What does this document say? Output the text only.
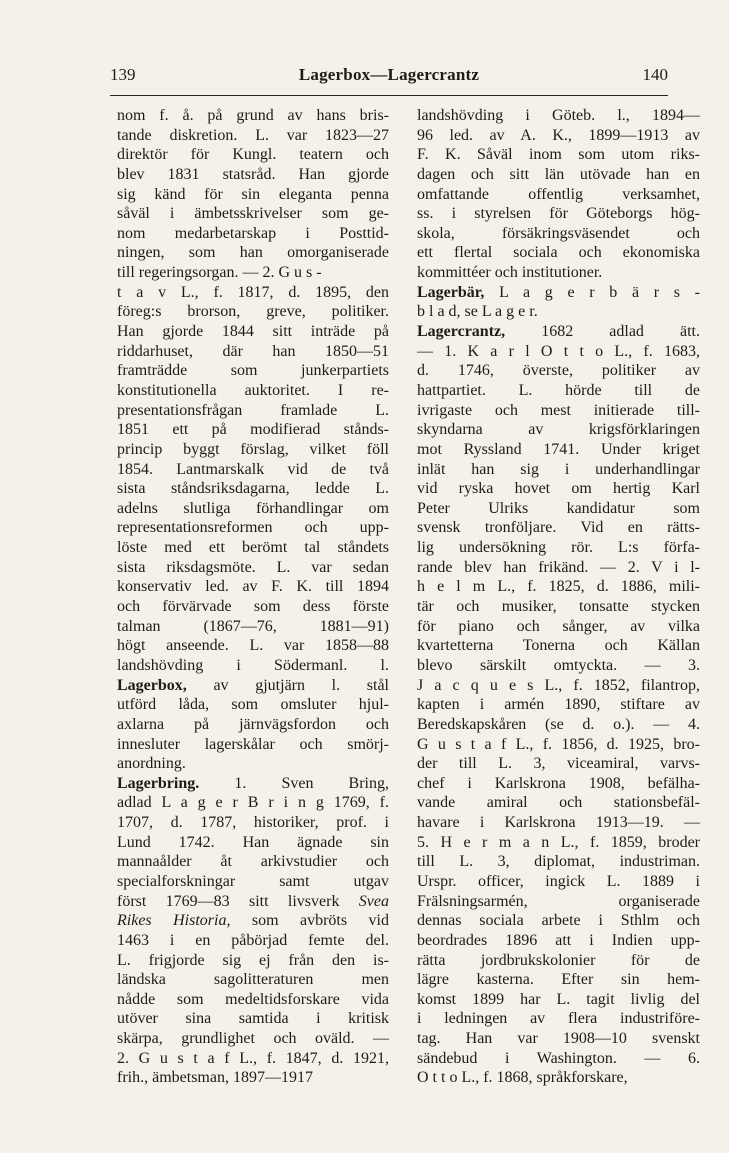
139	Lagerbox—Lagercrantz	140
nom f. å. på grund av hans bris-
tande diskretion. L. var 1823—27
direktör för Kungl. teatern och
blev 1831 statsråd. Han gjorde
sig känd för sin eleganta penna
såväl i ämbetsskrivelser som ge-
nom medarbetarskap i Posttid-
ningen, som han omorganiserade
till regeringsorgan. — 2. G u s -
t a v L., f. 1817, d. 1895, den
föreg:s brorson, greve, politiker.
Han gjorde 1844 sitt inträde på
riddarhuset, där han 1850—51
framträdde som junkerpartiets
konstitutionella auktoritet. I re-
presentationsfrågan framlade L.
1851 ett på modifierad stånds-
princip byggt förslag, vilket föll
1854. Lantmarskalk vid de två
sista ståndsriksdagarna, ledde L.
adelns slutliga förhandlingar om
representationsreformen och upp-
löste med ett berömt tal ståndets
sista riksdagsmöte. L. var sedan
konservativ led. av F. K. till 1894
och förvärvade som dess förste
talman (1867—76, 1881—91)
högt anseende. L. var 1858—88
landshövding i Södermanl. l.
Lagerbox, av gjutjärn l. stål
utförd låda, som omsluter hjul-
axlarna på järnvägsfordon och
innesluter lagerskålar och smörj-
anordning.
Lagerbring. 1. Sven Bring,
adlad L a g e r B r i n g 1769, f.
1707, d. 1787, historiker, prof. i
Lund 1742. Han ägnade sin
mannaålder åt arkivstudier och
specialforskningar samt utgav
först 1769—83 sitt livsverk Svea
Rikes Historia, som avbröts vid
1463 i en påbörjad femte del.
L. frigjorde sig ej från den is-
ländska sagolitteraturen men
nådde som medeltidsforskare vida
utöver sina samtida i kritisk
skärpa, grundlighet och oväld. —
2. G u s t a f L., f. 1847, d. 1921,
frih., ämbetsman, 1897—1917
landshövding i Göteb. l., 1894—
96 led. av A. K., 1899—1913 av
F. K. Såväl inom som utom riks-
dagen och sitt län utövade han en
omfattande offentlig verksamhet,
ss. i styrelsen för Göteborgs hög-
skola, försäkringsväsendet och
ett flertal sociala och ekonomiska
kommittéer och institutioner.
Lagerbär, L a g e r b ä r s -
b l a d, se L a g e r.
Lagercrantz, 1682 adlad ätt.
— 1. K a r l O t t o L., f. 1683,
d. 1746, överste, politiker av
hattpartiet. L. hörde till de
ivrigaste och mest initierade till-
skyndarna av krigsförklaringen
mot Ryssland 1741. Under kriget
inlät han sig i underhandlingar
vid ryska hovet om hertig Karl
Peter Ulriks kandidatur som
svensk tronföljare. Vid en rätts-
lig undersökning rör. L:s förfa-
rande blev han frikänd. — 2. V i l-
h e l m L., f. 1825, d. 1886, mili-
tär och musiker, tonsatte stycken
för piano och sånger, av vilka
kvartetterna Tonerna och Källan
blevo särskilt omtyckta. — 3.
J a c q u e s L., f. 1852, filantrop,
kapten i armén 1890, stiftare av
Beredskapskåren (se d. o.). — 4.
G u s t a f L., f. 1856, d. 1925, bro-
der till L. 3, viceamiral, varvs-
chef i Karlskrona 1908, befälha-
vande amiral och stationsbefäl-
havare i Karlskrona 1913—19. —
5. H e r m a n L., f. 1859, broder
till L. 3, diplomat, industriman.
Urspr. officer, ingick L. 1889 i
Frälsningsarmén, organiserade
dennas sociala arbete i Sthlm och
beordrades 1896 att i Indien upp-
rätta jordbrukskolonier för de
lägre kasterna. Efter sin hem-
komst 1899 har L. tagit livlig del
i ledningen av flera industriföre-
tag. Han var 1908—10 svenskt
sändebud i Washington. — 6.
O t t o L., f. 1868, språkforskare,
